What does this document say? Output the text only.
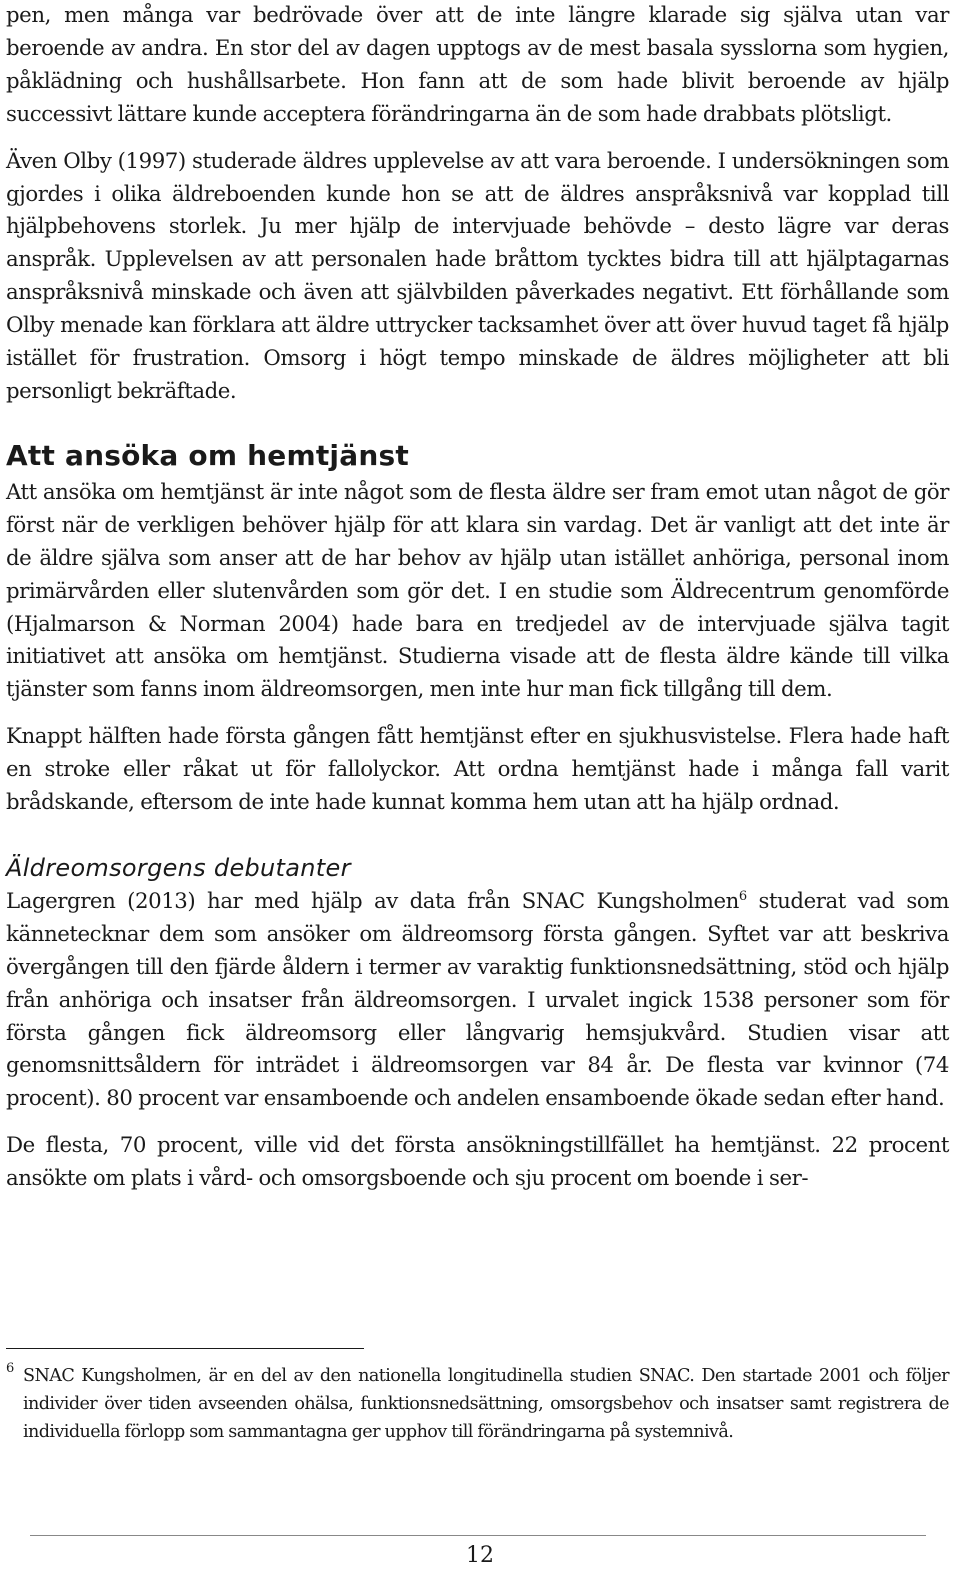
pen, men många var bedrövade över att de inte längre klarade sig själva utan var beroende av andra. En stor del av dagen upptogs av de mest basala sysslorna som hygien, påklädning och hushållsarbete. Hon fann att de som hade blivit beroende av hjälp successivt lättare kunde acceptera förändringarna än de som hade drabbats plötsligt.

Även Olby (1997) studerade äldres upplevelse av att vara beroende. I undersökningen som gjordes i olika äldreboenden kunde hon se att de äldres anspråksnivå var kopplad till hjälpbehovens storlek. Ju mer hjälp de intervjuade behövde – desto lägre var deras anspråk. Upplevelsen av att personalen hade bråttom tycktes bidra till att hjälptagarnas anspråksnivå minskade och även att självbilden påverkades negativt. Ett förhållande som Olby menade kan förklara att äldre uttrycker tacksamhet över att över huvud taget få hjälp istället för frustration. Omsorg i högt tempo minskade de äldres möjligheter att bli personligt bekräftade.

Att ansöka om hemtjänst

Att ansöka om hemtjänst är inte något som de flesta äldre ser fram emot utan något de gör först när de verkligen behöver hjälp för att klara sin vardag. Det är vanligt att det inte är de äldre själva som anser att de har behov av hjälp utan istället anhöriga, personal inom primärvården eller slutenvården som gör det. I en studie som Äldrecentrum genomförde (Hjalmarson & Norman 2004) hade bara en tredjedel av de intervjuade själva tagit initiativet att ansöka om hemtjänst. Studierna visade att de flesta äldre kände till vilka tjänster som fanns inom äldreomsorgen, men inte hur man fick tillgång till dem.

Knappt hälften hade första gången fått hemtjänst efter en sjukhusvistelse. Flera hade haft en stroke eller råkat ut för fallolyckor. Att ordna hemtjänst hade i många fall varit brådskande, eftersom de inte hade kunnat komma hem utan att ha hjälp ordnad.

Äldreomsorgens debutanter

Lagergren (2013) har med hjälp av data från SNAC Kungsholmen$^6$ studerat vad som kännetecknar dem som ansöker om äldreomsorg första gången. Syftet var att beskriva övergången till den fjärde åldern i termer av varaktig funktionsnedsättning, stöd och hjälp från anhöriga och insatser från äldreomsorgen. I urvalet ingick 1538 personer som för första gången fick äldreomsorg eller långvarig hemsjukvård. Studien visar att genomsnittsåldern för inträdet i äldreomsorgen var 84 år. De flesta var kvinnor (74 procent). 80 procent var ensamboende och andelen ensamboende ökade sedan efter hand.

De flesta, 70 procent, ville vid det första ansökningstillfället ha hemtjänst. 22 procent ansökte om plats i vård- och omsorgsboende och sju procent om boende i ser-

6 SNAC Kungsholmen, är en del av den nationella longitudinella studien SNAC. Den startade 2001 och följer individer över tiden avseenden ohälsa, funktionsnedsättning, omsorgsbehov och insatser samt registrera de individuella förlopp som sammantagna ger upphov till förändringarna på systemnivå.

12
